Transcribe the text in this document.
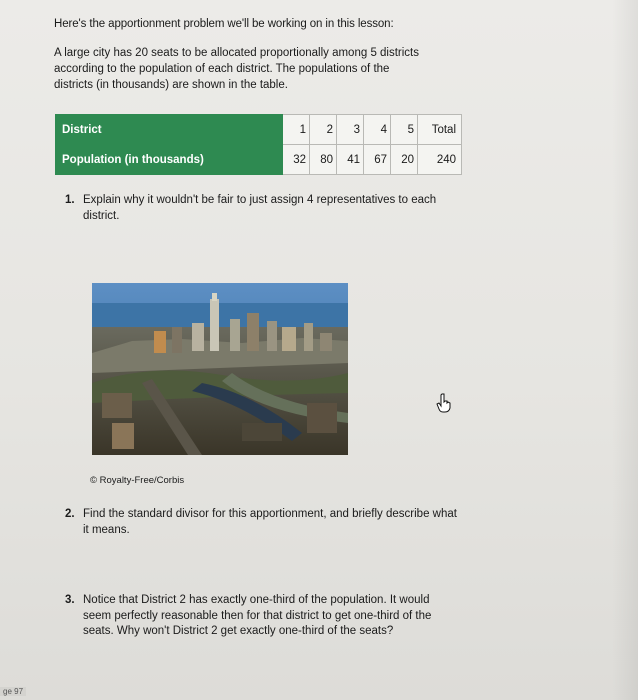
Here's the apportionment problem we'll be working on in this lesson:
A large city has 20 seats to be allocated proportionally among 5 districts
according to the population of each district. The populations of the
districts (in thousands) are shown in the table.
District	1	2	3	4	5	Total
Population (in thousands)	32	80	41	67	20	240
1. Explain why it wouldn't be fair to just assign 4 representatives to each
district.
© Royalty-Free/Corbis
2. Find the standard divisor for this apportionment, and briefly describe what
it means.
3. Notice that District 2 has exactly one-third of the population. It would
seem perfectly reasonable then for that district to get one-third of the
seats. Why won't District 2 get exactly one-third of the seats?
ge 97
